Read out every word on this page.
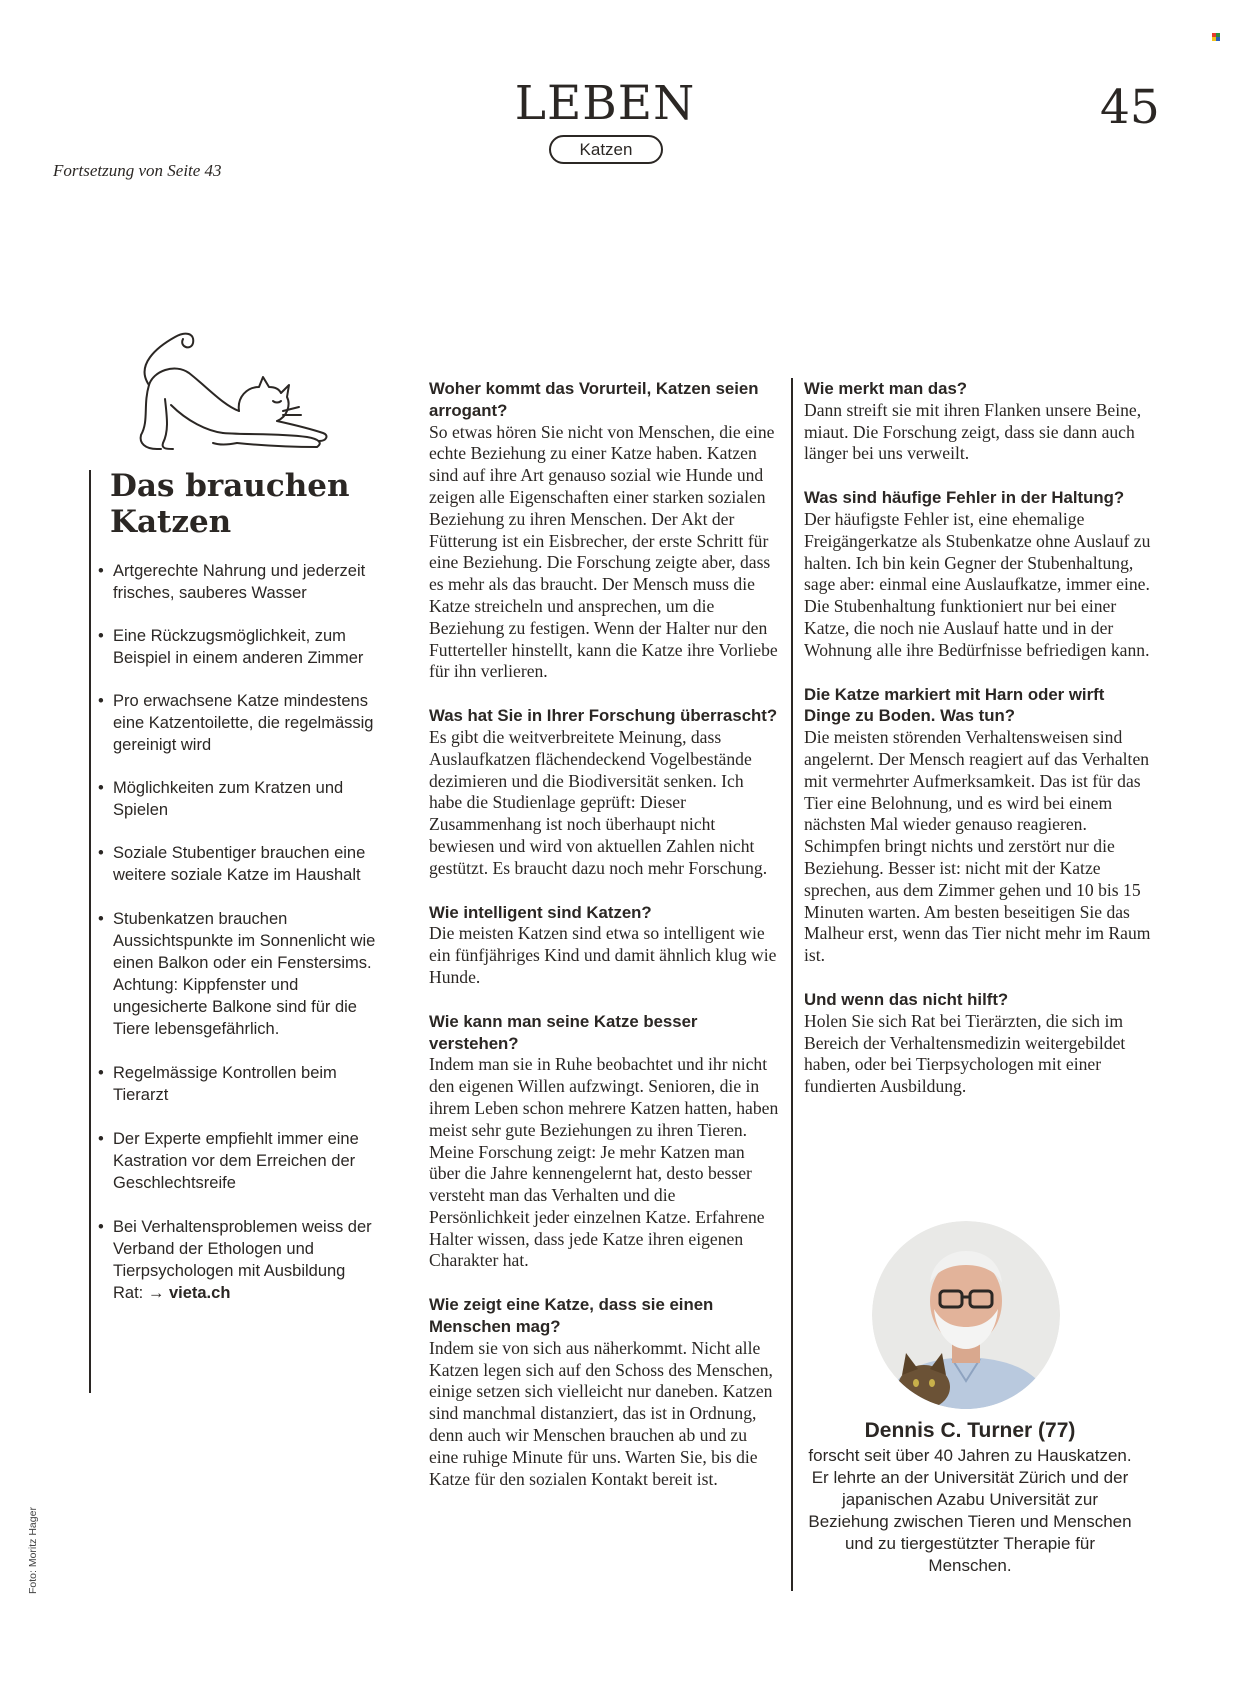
LEBEN
Katzen
45
Fortsetzung von Seite 43
Das brauchen
Katzen
• Artgerechte Nahrung und jederzeit frisches, sauberes Wasser
• Eine Rückzugsmöglichkeit, zum Beispiel in einem anderen Zimmer
• Pro erwachsene Katze mindestens eine Katzentoilette, die regelmässig gereinigt wird
• Möglichkeiten zum Kratzen und Spielen
• Soziale Stubentiger brauchen eine weitere soziale Katze im Haushalt
• Stubenkatzen brauchen Aussichtspunkte im Sonnenlicht wie einen Balkon oder ein Fenstersims. Achtung: Kippfenster und ungesicherte Balkone sind für die Tiere lebensgefährlich.
• Regelmässige Kontrollen beim Tierarzt
• Der Experte empfiehlt immer eine Kastration vor dem Erreichen der Geschlechtsreife
• Bei Verhaltensproblemen weiss der Verband der Ethologen und Tierpsychologen mit Ausbildung Rat: → vieta.ch
Woher kommt das Vorurteil, Katzen seien arrogant?
So etwas hören Sie nicht von Menschen, die eine echte Beziehung zu einer Katze haben. Katzen sind auf ihre Art genauso sozial wie Hunde und zeigen alle Eigenschaften einer starken sozialen Beziehung zu ihren Menschen. Der Akt der Fütterung ist ein Eisbrecher, der erste Schritt für eine Beziehung. Die Forschung zeigte aber, dass es mehr als das braucht. Der Mensch muss die Katze streicheln und ansprechen, um die Beziehung zu festigen. Wenn der Halter nur den Futterteller hinstellt, kann die Katze ihre Vorliebe für ihn verlieren.
Was hat Sie in Ihrer Forschung überrascht?
Es gibt die weitverbreitete Meinung, dass Auslaufkatzen flächendeckend Vogelbestände dezimieren und die Biodiversität senken. Ich habe die Studienlage geprüft: Dieser Zusammenhang ist noch überhaupt nicht bewiesen und wird von aktuellen Zahlen nicht gestützt. Es braucht dazu noch mehr Forschung.
Wie intelligent sind Katzen?
Die meisten Katzen sind etwa so intelligent wie ein fünfjähriges Kind und damit ähnlich klug wie Hunde.
Wie kann man seine Katze besser verstehen?
Indem man sie in Ruhe beobachtet und ihr nicht den eigenen Willen aufzwingt. Senioren, die in ihrem Leben schon mehrere Katzen hatten, haben meist sehr gute Beziehungen zu ihren Tieren. Meine Forschung zeigt: Je mehr Katzen man über die Jahre kennengelernt hat, desto besser versteht man das Verhalten und die Persönlichkeit jeder einzelnen Katze. Erfahrene Halter wissen, dass jede Katze ihren eigenen Charakter hat.
Wie zeigt eine Katze, dass sie einen Menschen mag?
Indem sie von sich aus näherkommt. Nicht alle Katzen legen sich auf den Schoss des Menschen, einige setzen sich vielleicht nur daneben. Katzen sind manchmal distanziert, das ist in Ordnung, denn auch wir Menschen brauchen ab und zu eine ruhige Minute für uns. Warten Sie, bis die Katze für den sozialen Kontakt bereit ist.
Wie merkt man das?
Dann streift sie mit ihren Flanken unsere Beine, miaut. Die Forschung zeigt, dass sie dann auch länger bei uns verweilt.
Was sind häufige Fehler in der Haltung?
Der häufigste Fehler ist, eine ehemalige Freigängerkatze als Stubenkatze ohne Auslauf zu halten. Ich bin kein Gegner der Stubenhaltung, sage aber: einmal eine Auslaufkatze, immer eine. Die Stubenhaltung funktioniert nur bei einer Katze, die noch nie Auslauf hatte und in der Wohnung alle ihre Bedürfnisse befriedigen kann.
Die Katze markiert mit Harn oder wirft Dinge zu Boden. Was tun?
Die meisten störenden Verhaltensweisen sind angelernt. Der Mensch reagiert auf das Verhalten mit vermehrter Aufmerksamkeit. Das ist für das Tier eine Belohnung, und es wird bei einem nächsten Mal wieder genauso reagieren. Schimpfen bringt nichts und zerstört nur die Beziehung. Besser ist: nicht mit der Katze sprechen, aus dem Zimmer gehen und 10 bis 15 Minuten warten. Am besten beseitigen Sie das Malheur erst, wenn das Tier nicht mehr im Raum ist.
Und wenn das nicht hilft?
Holen Sie sich Rat bei Tierärzten, die sich im Bereich der Verhaltensmedizin weitergebildet haben, oder bei Tierpsychologen mit einer fundierten Ausbildung.
Dennis C. Turner (77)
forscht seit über 40 Jahren zu Hauskatzen. Er lehrte an der Universität Zürich und der japanischen Azabu Universität zur Beziehung zwischen Tieren und Menschen und zu tiergestützter Therapie für Menschen.
Foto: Moritz Hager
